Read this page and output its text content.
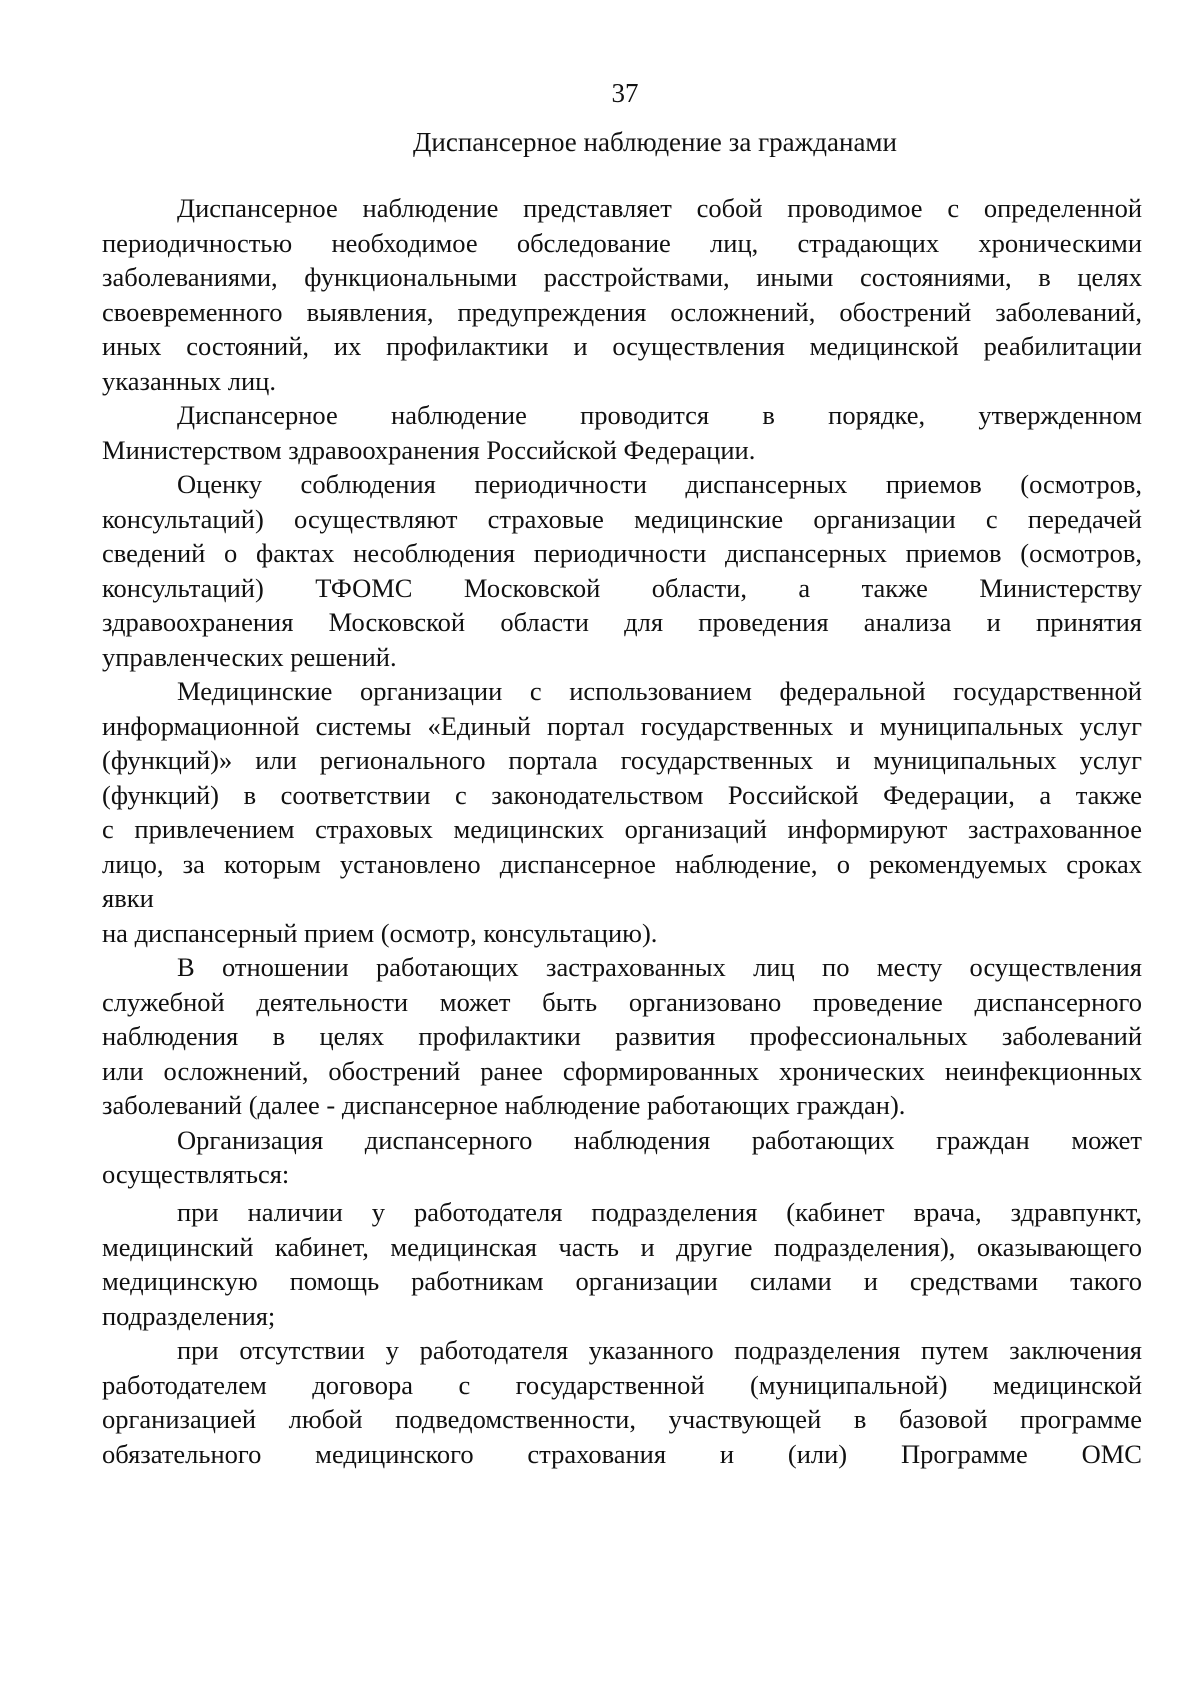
37
Диспансерное наблюдение за гражданами
Диспансерное наблюдение представляет собой проводимое с определенной
периодичностью необходимое обследование лиц, страдающих хроническими
заболеваниями, функциональными расстройствами, иными состояниями, в целях
своевременного выявления, предупреждения осложнений, обострений заболеваний,
иных состояний, их профилактики и осуществления медицинской реабилитации
указанных лиц.
Диспансерное наблюдение проводится в порядке, утвержденном
Министерством здравоохранения Российской Федерации.
Оценку соблюдения периодичности диспансерных приемов (осмотров,
консультаций) осуществляют страховые медицинские организации с передачей
сведений о фактах несоблюдения периодичности диспансерных приемов (осмотров,
консультаций) ТФОМС Московской области, а также Министерству
здравоохранения Московской области для проведения анализа и принятия
управленческих решений.
Медицинские организации с использованием федеральной государственной
информационной системы «Единый портал государственных и муниципальных услуг
(функций)» или регионального портала государственных и муниципальных услуг
(функций) в соответствии с законодательством Российской Федерации, а также
с привлечением страховых медицинских организаций информируют застрахованное
лицо, за которым установлено диспансерное наблюдение, о рекомендуемых сроках
явки
на диспансерный прием (осмотр, консультацию).
В отношении работающих застрахованных лиц по месту осуществления
служебной деятельности может быть организовано проведение диспансерного
наблюдения в целях профилактики развития профессиональных заболеваний
или осложнений, обострений ранее сформированных хронических неинфекционных
заболеваний (далее - диспансерное наблюдение работающих граждан).
Организация диспансерного наблюдения работающих граждан может
осуществляться:
при наличии у работодателя подразделения (кабинет врача, здравпункт,
медицинский кабинет, медицинская часть и другие подразделения), оказывающего
медицинскую помощь работникам организации силами и средствами такого
подразделения;
при отсутствии у работодателя указанного подразделения путем заключения
работодателем договора с государственной (муниципальной) медицинской
организацией любой подведомственности, участвующей в базовой программе
обязательного медицинского страхования и (или) Программе ОМС
